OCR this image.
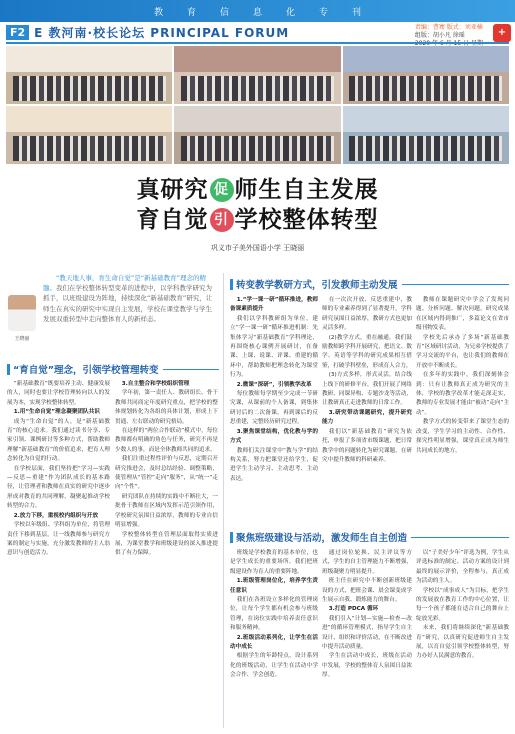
教育信息化专刊
F2 E 教河南·校长论坛 PRINCIPAL FORUM	责编：曹骞 版式：刘亚楠
组版：胡小凡 徐瑶	+
真研究 促 师生自主发展
育自觉 引 学校整体转型
巩义市子美外国语小学 王晓丽
王晓丽
“教天地人事，育生命自觉”是“新基础教育”理念的精髓。我们在学校整体转型变革的进程中，以学科教学研究为抓手，以班级建设为阵地，持续深化“新基础教育”研究，让师生在真实的研究中实现自主发展，学校在课堂教学与学生发展双重转型中走向整体育人的新样态。
“育自觉”理念，引领学校管理转变

“新基础教育”既要培养主动、健康发展的人，同时也要让学校管理转向以人的发展为本，实现学校整体转型。

1.用“生命自觉”理念凝聚团队共识

成为“生命自觉”的人，是“新基础教育”的核心追求。我们通过读书分享、专家引领、课例研讨等多种方式，帮助教师理解“新基础教育”的价值追求，把育人理念转化为自觉的行动。

在学校层面，我们坚持把“学习—实践—反思—重建”作为团队成长的基本路径，让管理者和教师在真实的研究中逐步形成对教育的共同理解，凝聚起推动学校转型的合力。

2.放力下移，重视校内组织与开放

学校以年级组、学科组为单位，将管理责任下移到基层，让一线教师参与研究方案的制定与实施，充分激发教师的主人翁意识与创造活力。

3.自主整合和学校组织管理

学年初，第一责任人、教研组长、骨干教师共同商定年度研究重点，把学校的整体规划转化为各组的具体计划，形成上下贯通、左右联动的研究格局。

在这样的“两位合作联动”模式中，每位教师都有明确的角色与任务，研究不再是少数人的事，而是全体教师共同的追求。

我们注重过程性评价与反思，定期召开研究推进会，及时总结经验、调整策略，使管理从“管控”走向“服务”，从“统一”走向“个性”。

研究团队在持续的实践中不断壮大，一批骨干教师在区域内发挥示范引领作用，学校研究氛围日益浓厚，教师的专业自信明显增强。

学校整体转型在管理层面取得实质进展，为课堂教学和班级建设的深入推进提供了有力保障。

转变教学教研方式，引发教师主动发展

1.“学一课一研”循环推进，教师备课素质提升

我们以学科教研组为单位，建立“学一课一研”循环推进机制：先集体学习“新基础教育”学科理论，再围绕核心课例开展研讨，在备课、上课、说课、评课、重建的循环中，帮助教师把理念转化为课堂行为。

2.微课“深研”，引领教学改革

每位教师每学期至少完成一节研究课，从课前的个人备课，到集体研讨后的二次备课，再到课后的反思重建，完整经历研究过程。

3.聚焦课堂结构，优化教与学的方式

教师们关注课堂中“教与学”的结构关系，努力把课堂还给学生，促进学生主动学习、主动思考、主动表达。

在一次次开放、反思重建中，教师的专业素养得到了显著提升，学科研究氛围日益浓厚，教研方式也更加灵活多样。

(2)教学方式，重在融通。我们鼓励教师跨学科开展研究，把语文、数学、英语等学科的研究成果相互借鉴，打破学科壁垒，形成育人合力。

(3)方式多样，形式灵活。结合线上线下的研修平台，我们开展了网络教研、同课异构、专题沙龙等活动，让教研真正走进教师的日常工作。

3.研究带动课题研究，提升研究能力

我们以“新基础教育”研究为依托，申报了多项省市级课题，把日常教学中的问题转化为研究课题，在研究中提升教师的科研素养。

教师在课题研究中学会了发现问题、分析问题、解决问题，研究成果在区域内得到推广，多篇论文在省市级刊物发表。

学校先后承办了多场“新基础教育”区域研讨活动，为兄弟学校提供了学习交流的平台，也让我们的教师在开放中不断成长。

在多年的实践中，我们深刻体会到：只有让教师真正成为研究的主体，学校的教学改革才能走深走实，教师的专业发展才能由“被动”走向“主动”。

教学方式的转变带来了课堂生态的改变，学生学习的主动性、合作性、探究性明显增强，课堂真正成为师生共同成长的地方。

聚焦班级建设与活动，激发师生自主创造

班级是学校教育的基本单位，也是学生成长的重要场所。我们把班级建设作为育人的重要阵地。

1.班级管理岗位化，培养学生责任意识

我们在各班设立多样化的管理岗位，让每个学生都有机会参与班级管理，在岗位实践中培养责任意识和服务精神。

2.班级活动系列化，让学生在活动中成长

根据学生的年龄特点，设计系列化的班级活动，让学生在活动中学会合作、学会创造。

通过岗位轮换、民主评议等方式，学生的自主管理能力不断增强，班级凝聚力明显提升。

班主任在研究中不断创新班级建设的方式，把班会课、晨会课变成学生展示自我、锻炼能力的舞台。

3.打造 PDCA 循环

我们引入“计划—实施—检查—改进”的循环管理模式，指导学生自主设计、组织和评价活动，在不断改进中提升活动质量。

学生在活动中成长，班级在活动中发展，学校的整体育人氛围日益浓厚。

以“子美好少年”评选为例，学生从评选标准的制定、活动方案的设计到最终的展示评价，全程参与，真正成为活动的主人。

学校以“成事成人”为目标，把学生的发展放在教育工作的中心位置，让每一个孩子都能在适合自己的舞台上绽放光彩。

未来，我们将继续深化“新基础教育”研究，以真研究促进师生自主发展，以育自觉引领学校整体转型，努力办好人民满意的教育。
